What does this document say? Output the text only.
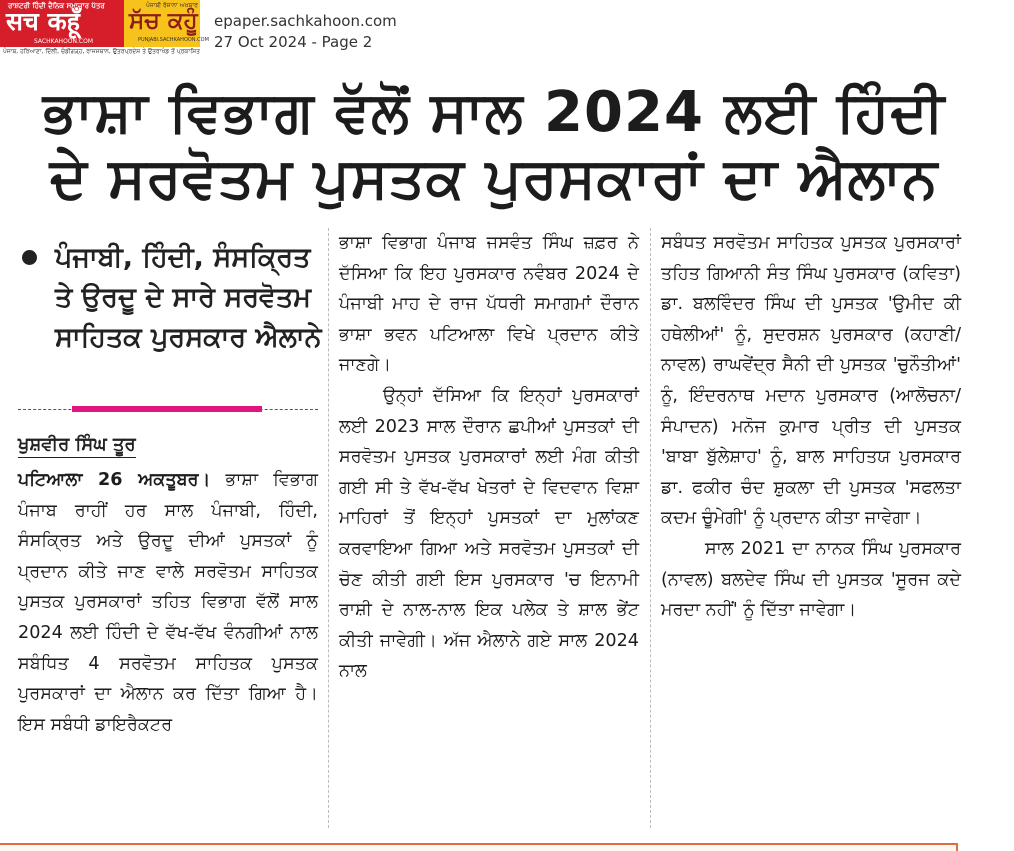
ਰਾਸ਼ਟਰੀ ਹਿੰਦੀ ਦੈਨਿਕ ਸਮਾਚਾਰ ਪੱਤਰ
सच कहूँ
SACHKAHOON.COM
ਪੰਜਾਬੀ ਰੋਜ਼ਾਨਾ ਅਖ਼ਬਾਰ
ਸੱਚ ਕਹੂੰ
PUNJABI.SACHKAHOON.COM
ਪੰਜਾਬ, ਹਰਿਆਣਾ, ਦਿੱਲੀ, ਚੰਡੀਗੜ੍ਹ, ਰਾਜਸਥਾਨ, ਉਤਰਪ੍ਰਦੇਸ਼ ਤੇ ਉਤਰਾਖੰਡ ਤੋਂ ਪ੍ਰਕਾਸ਼ਿਤ
epaper.sachkahoon.com
27 Oct 2024 - Page 2
ਭਾਸ਼ਾ ਵਿਭਾਗ ਵੱਲੋਂ ਸਾਲ 2024 ਲਈ ਹਿੰਦੀ ਦੇ ਸਰਵੋਤਮ ਪੁਸਤਕ ਪੁਰਸਕਾਰਾਂ ਦਾ ਐਲਾਨ
ਪੰਜਾਬੀ, ਹਿੰਦੀ, ਸੰਸਕ੍ਰਿਤ ਤੇ ਉਰਦੂ ਦੇ ਸਾਰੇ ਸਰਵੋਤਮ ਸਾਹਿਤਕ ਪੁਰਸਕਾਰ ਐਲਾਨੇ
ਖੁਸ਼ਵੀਰ ਸਿੰਘ ਤੂਰ

ਪਟਿਆਲਾ 26 ਅਕਤੂਬਰ। ਭਾਸ਼ਾ ਵਿਭਾਗ ਪੰਜਾਬ ਰਾਹੀਂ ਹਰ ਸਾਲ ਪੰਜਾਬੀ, ਹਿੰਦੀ, ਸੰਸਕ੍ਰਿਤ ਅਤੇ ਉਰਦੂ ਦੀਆਂ ਪੁਸਤਕਾਂ ਨੂੰ ਪ੍ਰਦਾਨ ਕੀਤੇ ਜਾਣ ਵਾਲੇ ਸਰਵੋਤਮ ਸਾਹਿਤਕ ਪੁਸਤਕ ਪੁਰਸਕਾਰਾਂ ਤਹਿਤ ਵਿਭਾਗ ਵੱਲੋਂ ਸਾਲ 2024 ਲਈ ਹਿੰਦੀ ਦੇ ਵੱਖ-ਵੱਖ ਵੰਨਗੀਆਂ ਨਾਲ ਸਬੰਧਿਤ 4 ਸਰਵੋਤਮ ਸਾਹਿਤਕ ਪੁਸਤਕ ਪੁਰਸਕਾਰਾਂ ਦਾ ਐਲਾਨ ਕਰ ਦਿੱਤਾ ਗਿਆ ਹੈ। ਇਸ ਸਬੰਧੀ ਡਾਇਰੈਕਟਰ

ਭਾਸ਼ਾ ਵਿਭਾਗ ਪੰਜਾਬ ਜਸਵੰਤ ਸਿੰਘ ਜ਼ਫ਼ਰ ਨੇ ਦੱਸਿਆ ਕਿ ਇਹ ਪੁਰਸਕਾਰ ਨਵੰਬਰ 2024 ਦੇ ਪੰਜਾਬੀ ਮਾਹ ਦੇ ਰਾਜ ਪੱਧਰੀ ਸਮਾਗਮਾਂ ਦੌਰਾਨ ਭਾਸ਼ਾ ਭਵਨ ਪਟਿਆਲਾ ਵਿਖੇ ਪ੍ਰਦਾਨ ਕੀਤੇ ਜਾਣਗੇ।

ਉਨ੍ਹਾਂ ਦੱਸਿਆ ਕਿ ਇਨ੍ਹਾਂ ਪੁਰਸਕਾਰਾਂ ਲਈ 2023 ਸਾਲ ਦੌਰਾਨ ਛਪੀਆਂ ਪੁਸਤਕਾਂ ਦੀ ਸਰਵੋਤਮ ਪੁਸਤਕ ਪੁਰਸਕਾਰਾਂ ਲਈ ਮੰਗ ਕੀਤੀ ਗਈ ਸੀ ਤੇ ਵੱਖ-ਵੱਖ ਖੇਤਰਾਂ ਦੇ ਵਿਦਵਾਨ ਵਿਸ਼ਾ ਮਾਹਿਰਾਂ ਤੋਂ ਇਨ੍ਹਾਂ ਪੁਸਤਕਾਂ ਦਾ ਮੁਲਾਂਕਣ ਕਰਵਾਇਆ ਗਿਆ ਅਤੇ ਸਰਵੋਤਮ ਪੁਸਤਕਾਂ ਦੀ ਚੋਣ ਕੀਤੀ ਗਈ ਇਸ ਪੁਰਸਕਾਰ 'ਚ ਇਨਾਮੀ ਰਾਸ਼ੀ ਦੇ ਨਾਲ-ਨਾਲ ਇਕ ਪਲੇਕ ਤੇ ਸ਼ਾਲ ਭੇਂਟ ਕੀਤੀ ਜਾਵੇਗੀ। ਅੱਜ ਐਲਾਨੇ ਗਏ ਸਾਲ 2024 ਨਾਲ

ਸਬੰਧਤ ਸਰਵੋਤਮ ਸਾਹਿਤਕ ਪੁਸਤਕ ਪੁਰਸਕਾਰਾਂ ਤਹਿਤ ਗਿਆਨੀ ਸੰਤ ਸਿੰਘ ਪੁਰਸਕਾਰ (ਕਵਿਤਾ) ਡਾ. ਬਲਵਿੰਦਰ ਸਿੰਘ ਦੀ ਪੁਸਤਕ 'ਉਮੀਦ ਕੀ ਹਥੇਲੀਆਂ' ਨੂੰ, ਸੁਦਰਸ਼ਨ ਪੁਰਸਕਾਰ (ਕਹਾਣੀ/ਨਾਵਲ) ਰਾਘਵੇਂਦ੍ਰ ਸੈਨੀ ਦੀ ਪੁਸਤਕ 'ਚੁਨੌਤੀਆਂ' ਨੂੰ, ਇੰਦਰਨਾਥ ਮਦਾਨ ਪੁਰਸਕਾਰ (ਆਲੋਚਨਾ/ਸੰਪਾਦਨ) ਮਨੋਜ ਕੁਮਾਰ ਪ੍ਰੀਤ ਦੀ ਪੁਸਤਕ 'ਬਾਬਾ ਬੁੱਲੇਸ਼ਾਹ' ਨੂੰ, ਬਾਲ ਸਾਹਿਤਯ ਪੁਰਸਕਾਰ ਡਾ. ਫਕੀਰ ਚੰਦ ਸ਼ੁਕਲਾ ਦੀ ਪੁਸਤਕ 'ਸਫਲਤਾ ਕਦਮ ਚੂੰਮੇਗੀ' ਨੂੰ ਪ੍ਰਦਾਨ ਕੀਤਾ ਜਾਵੇਗਾ।

ਸਾਲ 2021 ਦਾ ਨਾਨਕ ਸਿੰਘ ਪੁਰਸਕਾਰ (ਨਾਵਲ) ਬਲਦੇਵ ਸਿੰਘ ਦੀ ਪੁਸਤਕ 'ਸੂਰਜ ਕਦੇ ਮਰਦਾ ਨਹੀਂ' ਨੂੰ ਦਿੱਤਾ ਜਾਵੇਗਾ।
